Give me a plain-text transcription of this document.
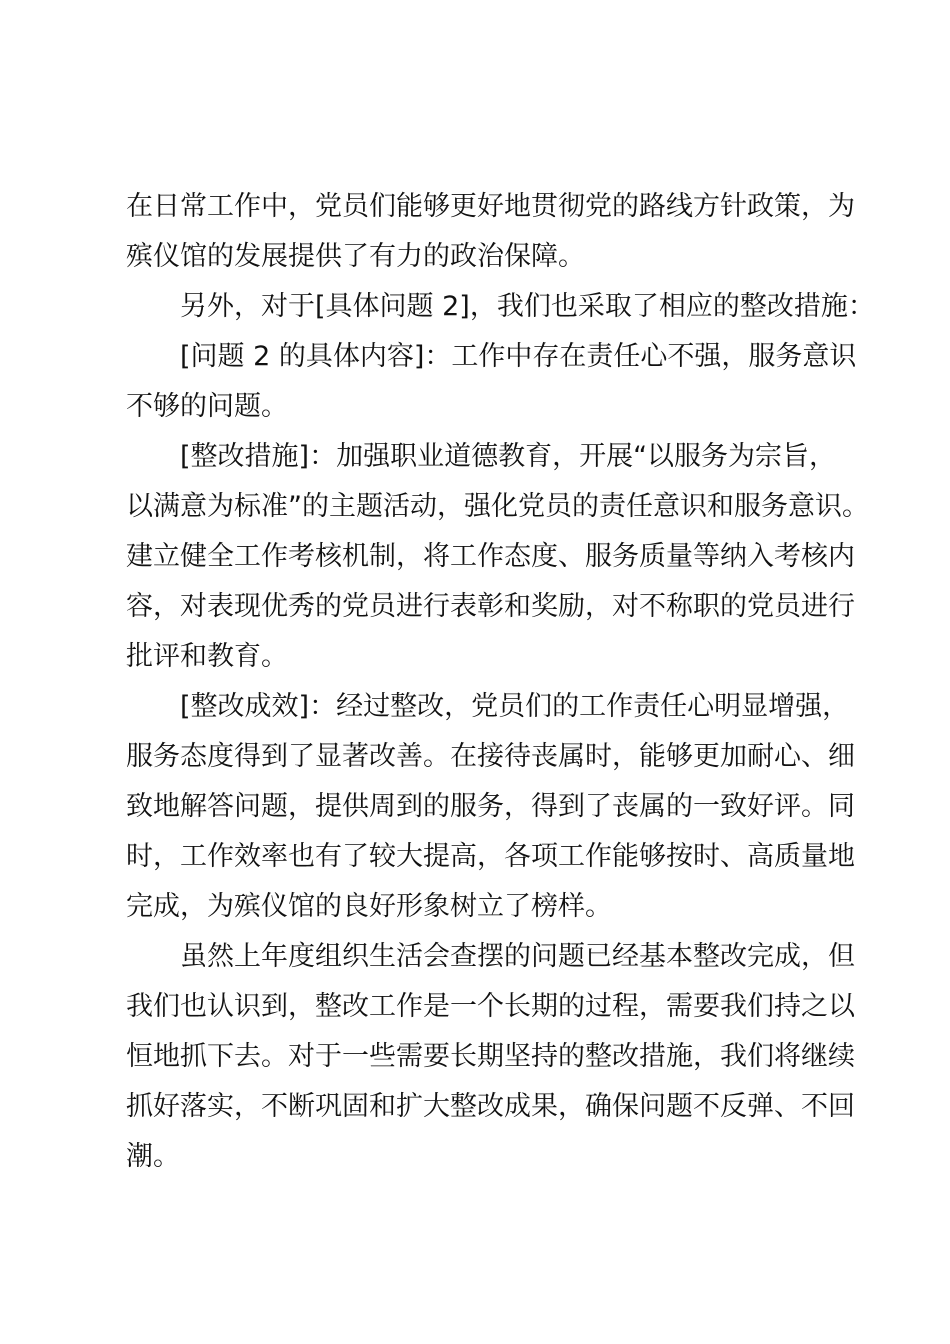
在日常工作中，党员们能够更好地贯彻党的路线方针政策，为
殡仪馆的发展提供了有力的政治保障。

另外，对于[具体问题 2]，我们也采取了相应的整改措施：

[问题 2 的具体内容]：工作中存在责任心不强，服务意识
不够的问题。

[整改措施]：加强职业道德教育，开展“以服务为宗旨，
以满意为标准”的主题活动，强化党员的责任意识和服务意识。
建立健全工作考核机制，将工作态度、服务质量等纳入考核内
容，对表现优秀的党员进行表彰和奖励，对不称职的党员进行
批评和教育。

[整改成效]：经过整改，党员们的工作责任心明显增强，
服务态度得到了显著改善。在接待丧属时，能够更加耐心、细
致地解答问题，提供周到的服务，得到了丧属的一致好评。同
时，工作效率也有了较大提高，各项工作能够按时、高质量地
完成，为殡仪馆的良好形象树立了榜样。

虽然上年度组织生活会查摆的问题已经基本整改完成，但
我们也认识到，整改工作是一个长期的过程，需要我们持之以
恒地抓下去。对于一些需要长期坚持的整改措施，我们将继续
抓好落实，不断巩固和扩大整改成果，确保问题不反弹、不回
潮。
